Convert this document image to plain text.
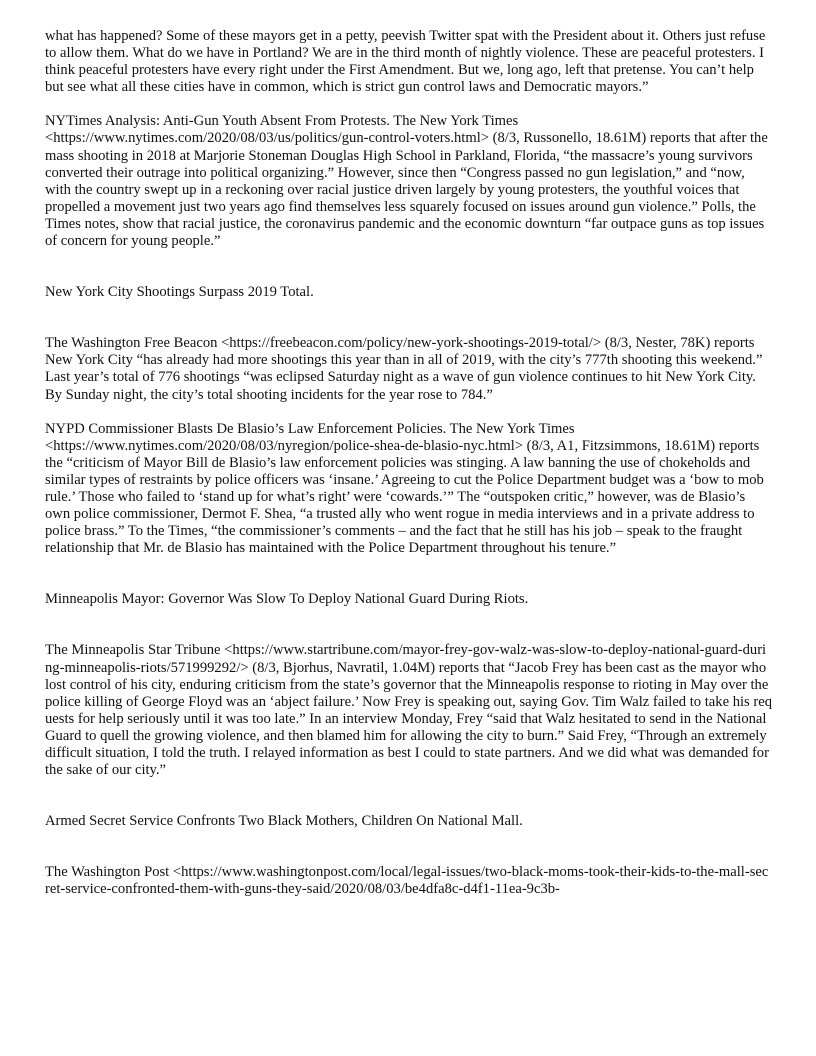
what has happened? Some of these mayors get in a petty, peevish Twitter spat with the President about it. Others just refuse to allow them. What do we have in Portland? We are in the third month of nightly violence. These are peaceful protesters. I think peaceful protesters have every right under the First Amendment. But we, long ago, left that pretense. You can’t help but see what all these cities have in common, which is strict gun control laws and Democratic mayors.”

NYTimes Analysis: Anti-Gun Youth Absent From Protests. The New York Times <https://www.nytimes.com/2020/08/03/us/politics/gun-control-voters.html> (8/3, Russonello, 18.61M) reports that after the mass shooting in 2018 at Marjorie Stoneman Douglas High School in Parkland, Florida, “the massacre’s young survivors converted their outrage into political organizing.” However, since then “Congress passed no gun legislation,” and “now, with the country swept up in a reckoning over racial justice driven largely by young protesters, the youthful voices that propelled a movement just two years ago find themselves less squarely focused on issues around gun violence.” Polls, the Times notes, show that racial justice, the coronavirus pandemic and the economic downturn “far outpace guns as top issues of concern for young people.”

New York City Shootings Surpass 2019 Total.

The Washington Free Beacon <https://freebeacon.com/policy/new-york-shootings-2019-total/> (8/3, Nester, 78K) reports New York City “has already had more shootings this year than in all of 2019, with the city’s 777th shooting this weekend.” Last year’s total of 776 shootings “was eclipsed Saturday night as a wave of gun violence continues to hit New York City. By Sunday night, the city’s total shooting incidents for the year rose to 784.”

NYPD Commissioner Blasts De Blasio’s Law Enforcement Policies. The New York Times <https://www.nytimes.com/2020/08/03/nyregion/police-shea-de-blasio-nyc.html> (8/3, A1, Fitzsimmons, 18.61M) reports the “criticism of Mayor Bill de Blasio’s law enforcement policies was stinging. A law banning the use of chokeholds and similar types of restraints by police officers was ‘insane.’ Agreeing to cut the Police Department budget was a ‘bow to mob rule.’ Those who failed to ‘stand up for what’s right’ were ‘cowards.’” The “outspoken critic,” however, was de Blasio’s own police commissioner, Dermot F. Shea, “a trusted ally who went rogue in media interviews and in a private address to police brass.” To the Times, “the commissioner’s comments – and the fact that he still has his job – speak to the fraught relationship that Mr. de Blasio has maintained with the Police Department throughout his tenure.”

Minneapolis Mayor: Governor Was Slow To Deploy National Guard During Riots.

The Minneapolis Star Tribune <https://www.startribune.com/mayor-frey-gov-walz-was-slow-to-deploy-national-guard-during-minneapolis-riots/571999292/> (8/3, Bjorhus, Navratil, 1.04M) reports that “Jacob Frey has been cast as the mayor who lost control of his city, enduring criticism from the state’s governor that the Minneapolis response to rioting in May over the police killing of George Floyd was an ‘abject failure.’ Now Frey is speaking out, saying Gov. Tim Walz failed to take his requests for help seriously until it was too late.” In an interview Monday, Frey “said that Walz hesitated to send in the National Guard to quell the growing violence, and then blamed him for allowing the city to burn.” Said Frey, “Through an extremely difficult situation, I told the truth. I relayed information as best I could to state partners. And we did what was demanded for the sake of our city.”

Armed Secret Service Confronts Two Black Mothers, Children On National Mall.

The Washington Post <https://www.washingtonpost.com/local/legal-issues/two-black-moms-took-their-kids-to-the-mall-secret-service-confronted-them-with-guns-they-said/2020/08/03/be4dfa8c-d4f1-11ea-9c3b-
